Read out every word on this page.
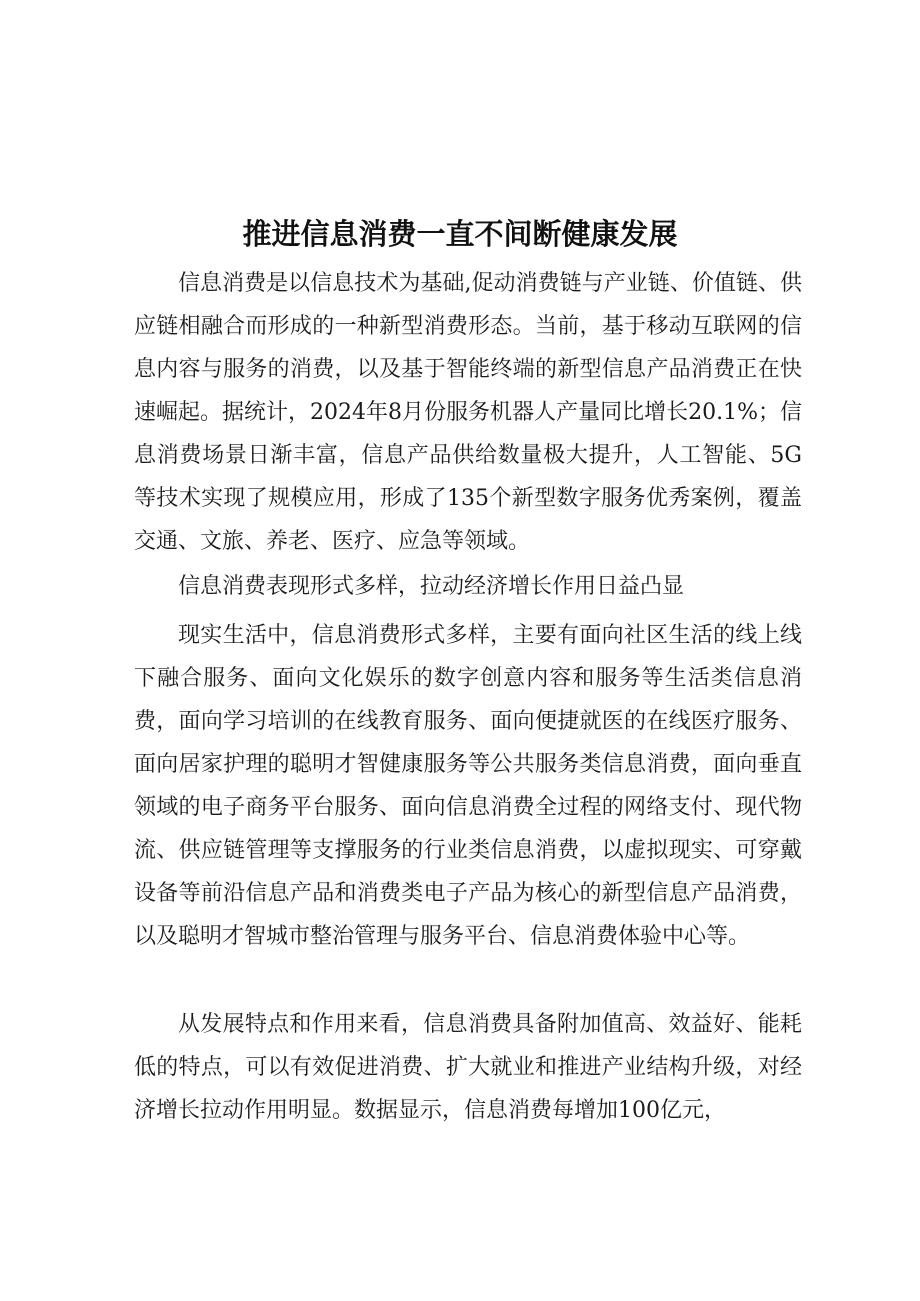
推进信息消费一直不间断健康发展

信息消费是以信息技术为基础,促动消费链与产业链、价值链、供应链相融合而形成的一种新型消费形态。当前，基于移动互联网的信息内容与服务的消费，以及基于智能终端的新型信息产品消费正在快速崛起。据统计，2024年8月份服务机器人产量同比增长20.1%；信息消费场景日渐丰富，信息产品供给数量极大提升，人工智能、5G等技术实现了规模应用，形成了135个新型数字服务优秀案例，覆盖交通、文旅、养老、医疗、应急等领域。

信息消费表现形式多样，拉动经济增长作用日益凸显

现实生活中，信息消费形式多样，主要有面向社区生活的线上线下融合服务、面向文化娱乐的数字创意内容和服务等生活类信息消费，面向学习培训的在线教育服务、面向便捷就医的在线医疗服务、面向居家护理的聪明才智健康服务等公共服务类信息消费，面向垂直领域的电子商务平台服务、面向信息消费全过程的网络支付、现代物流、供应链管理等支撑服务的行业类信息消费，以虚拟现实、可穿戴设备等前沿信息产品和消费类电子产品为核心的新型信息产品消费，以及聪明才智城市整治管理与服务平台、信息消费体验中心等。

从发展特点和作用来看，信息消费具备附加值高、效益好、能耗低的特点，可以有效促进消费、扩大就业和推进产业结构升级，对经济增长拉动作用明显。数据显示，信息消费每增加100亿元，
